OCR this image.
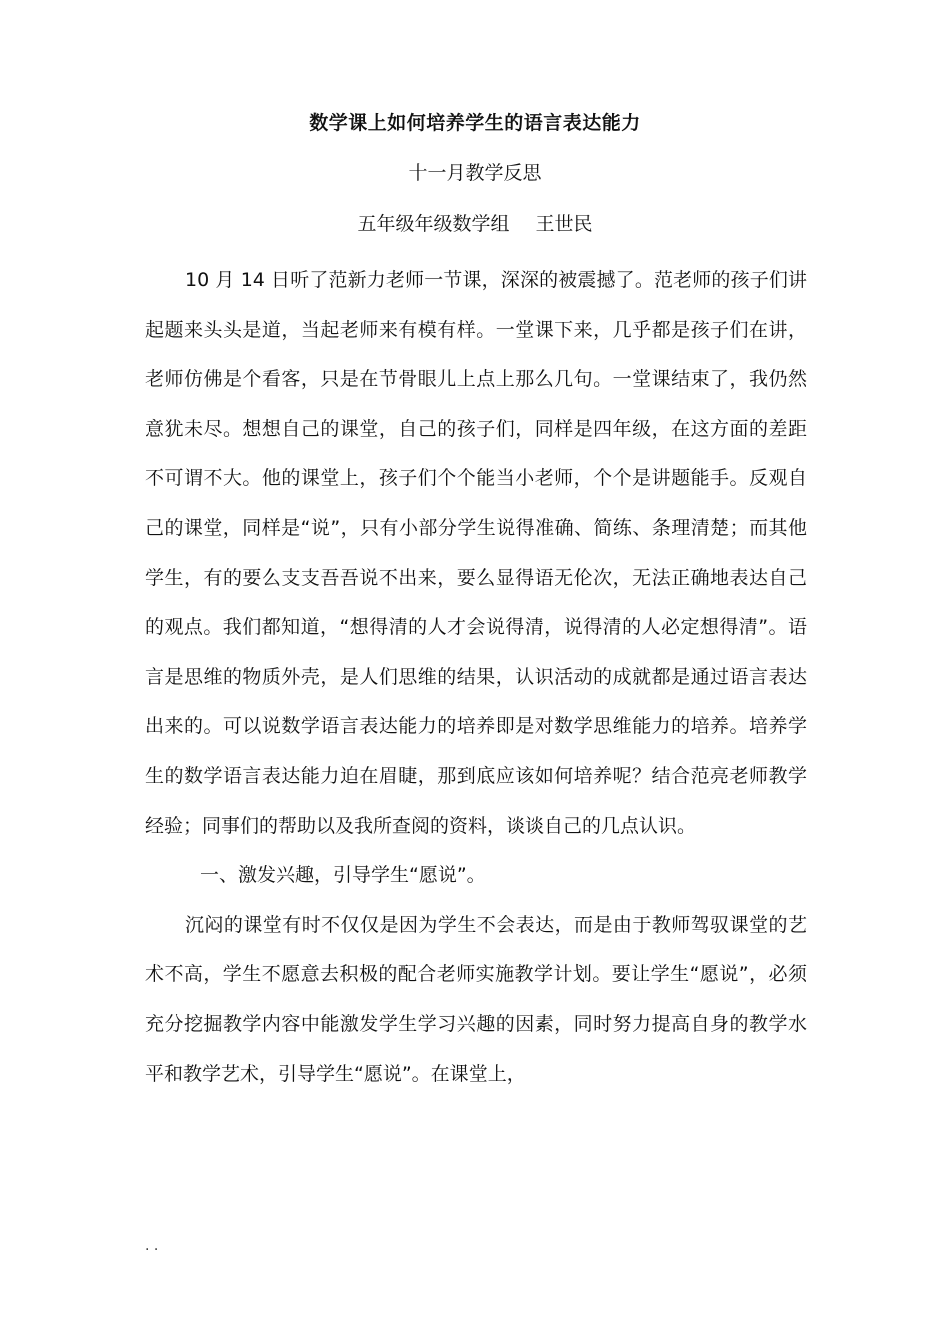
数学课上如何培养学生的语言表达能力
十一月教学反思
五年级年级数学组 王世民

10 月 14 日听了范新力老师一节课，深深的被震撼了。范老师的孩子们讲起题来头头是道，当起老师来有模有样。一堂课下来，几乎都是孩子们在讲，老师仿佛是个看客，只是在节骨眼儿上点上那么几句。一堂课结束了，我仍然意犹未尽。想想自己的课堂，自己的孩子们，同样是四年级，在这方面的差距不可谓不大。他的课堂上，孩子们个个能当小老师，个个是讲题能手。反观自己的课堂，同样是“说”，只有小部分学生说得准确、简练、条理清楚；而其他学生，有的要么支支吾吾说不出来，要么显得语无伦次，无法正确地表达自己的观点。我们都知道，“想得清的人才会说得清，说得清的人必定想得清”。语言是思维的物质外壳，是人们思维的结果，认识活动的成就都是通过语言表达出来的。可以说数学语言表达能力的培养即是对数学思维能力的培养。培养学生的数学语言表达能力迫在眉睫，那到底应该如何培养呢？结合范亮老师教学经验；同事们的帮助以及我所查阅的资料，谈谈自己的几点认识。

一、激发兴趣，引导学生“愿说”。

沉闷的课堂有时不仅仅是因为学生不会表达，而是由于教师驾驭课堂的艺术不高，学生不愿意去积极的配合老师实施教学计划。要让学生“愿说”，必须充分挖掘教学内容中能激发学生学习兴趣的因素，同时努力提高自身的教学水平和教学艺术，引导学生“愿说”。在课堂上，

. .
